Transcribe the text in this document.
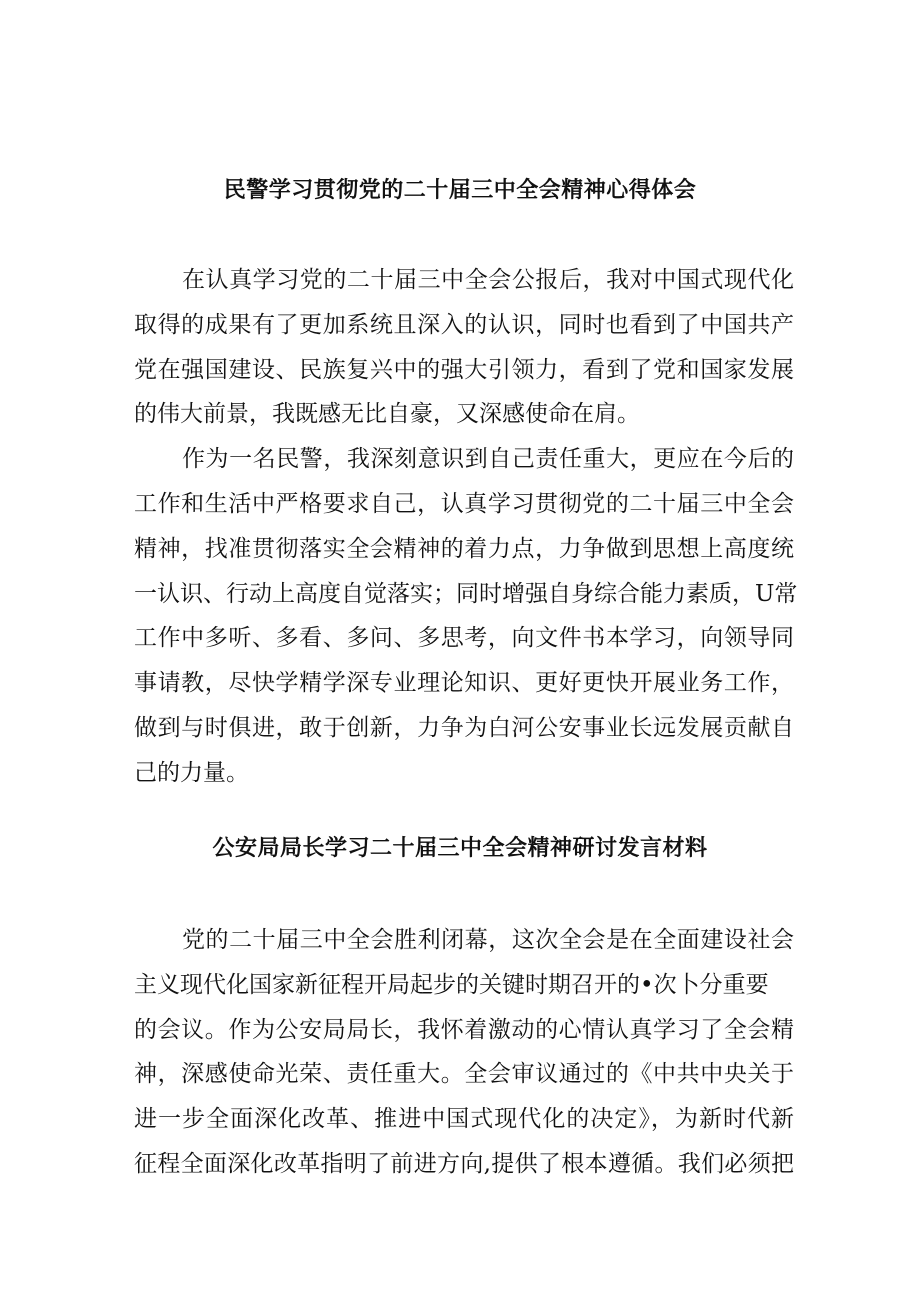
民警学习贯彻党的二十届三中全会精神心得体会
在认真学习党的二十届三中全会公报后，我对中国式现代化
取得的成果有了更加系统且深入的认识，同时也看到了中国共产
党在强国建设、民族复兴中的强大引领力，看到了党和国家发展
的伟大前景，我既感无比自豪，又深感使命在肩。
作为一名民警，我深刻意识到自己责任重大，更应在今后的
工作和生活中严格要求自己，认真学习贯彻党的二十届三中全会
精神，找准贯彻落实全会精神的着力点，力争做到思想上高度统
一认识、行动上高度自觉落实；同时增强自身综合能力素质，U常
工作中多听、多看、多问、多思考，向文件书本学习，向领导同
事请教，尽快学精学深专业理论知识、更好更快开展业务工作，
做到与时俱进，敢于创新，力争为白河公安事业长远发展贡献自
己的力量。
公安局局长学习二十届三中全会精神研讨发言材料
党的二十届三中全会胜利闭幕，这次全会是在全面建设社会
主义现代化国家新征程开局起步的关键时期召开的•次卜分重要
的会议。作为公安局局长，我怀着激动的心情认真学习了全会精
神，深感使命光荣、责任重大。全会审议通过的《中共中央关于
进一步全面深化改革、推进中国式现代化的决定》，为新时代新
征程全面深化改革指明了前进方向,提供了根本遵循。我们必须把
